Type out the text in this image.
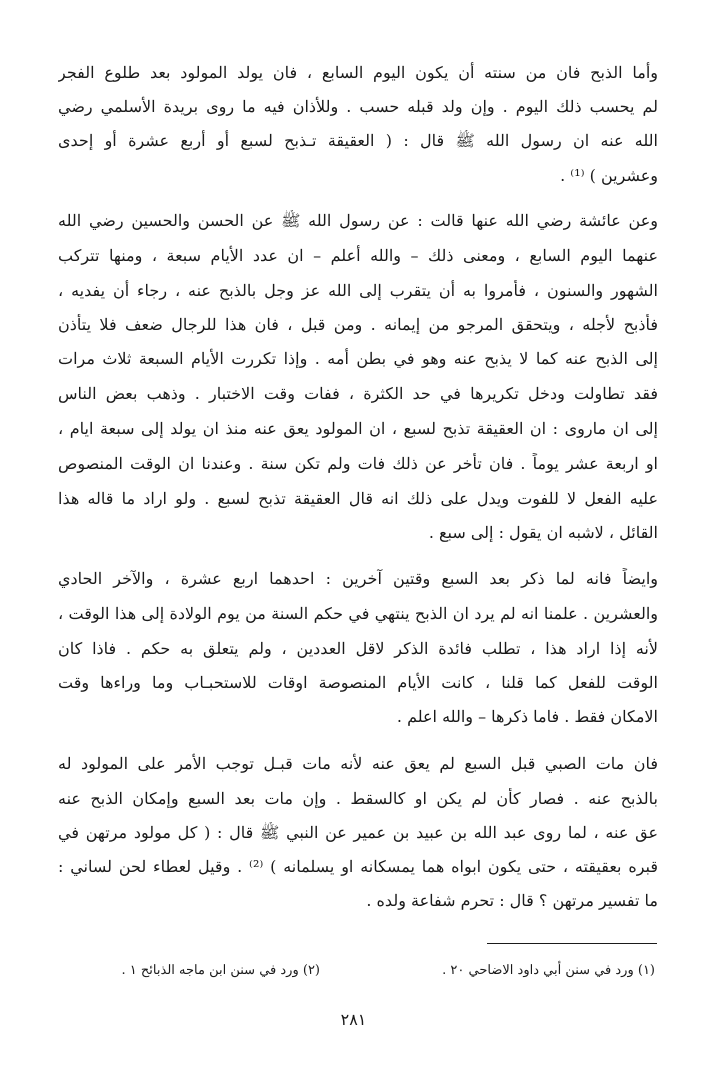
وأما الذبح فان من سنته أن يكون اليوم السابع ، فان يولد المولود بعد طلوع الفجر
لم يحسب ذلك اليوم . وإن ولد قبله حسب . وللأذان فيه ما روى بريدة الأسلمي رضي
الله عنه ان رسول الله ﷺ قال : ( العقيقة تـذبح لسبع أو أربع عشرة أو إحدى
وعشرين ) ⁽¹⁾ .
وعن عائشة رضي الله عنها قالت : عن رسول الله ﷺ عن الحسن والحسين رضي الله
عنهما اليوم السابع ، ومعنى ذلك – والله أعلم – ان عدد الأيام سبعة ، ومنها تتركب
الشهور والسنون ، فأمروا به أن يتقرب إلى الله عز وجل بالذبح عنه ، رجاء أن يفديه ،
فأذبح لأجله ، ويتحقق المرجو من إيمانه . ومن قبل ، فان هذا للرجال ضعف فلا يتأذن
إلى الذبح عنه كما لا يذبح عنه وهو في بطن أمه . وإذا تكررت الأيام السبعة ثلاث مرات
فقد تطاولت ودخل تكريرها في حد الكثرة ، ففات وقت الاختبار . وذهب بعض الناس
إلى ان ماروى : ان العقيقة تذبح لسبع ، ان المولود يعق عنه منذ ان يولد إلى سبعة ايام ،
او اربعة عشر يوماً . فان تأخر عن ذلك فات ولم تكن سنة . وعندنا ان الوقت المنصوص
عليه الفعل لا للفوت ويدل على ذلك انه قال العقيقة تذبح لسبع . ولو اراد ما قاله هذا
القائل ، لاشبه ان يقول : إلى سبع .
وايضاً فانه لما ذكر بعد السبع وقتين آخرين : احدهما اربع عشرة ، والآخر الحادي
والعشرين . علمنا انه لم يرد ان الذبح ينتهي في حكم السنة من يوم الولادة إلى هذا الوقت ،
لأنه إذا اراد هذا ، تطلب فائدة الذكر لاقل العددين ، ولم يتعلق به حكم . فاذا كان
الوقت للفعل كما قلنا ، كانت الأيام المنصوصة اوقات للاستحبـاب وما وراءها وقت
الامكان فقط . فاما ذكرها – والله اعلم .
فان مات الصبي قبل السبع لم يعق عنه لأنه مات قبـل توجب الأمر على المولود له
بالذبح عنه . فصار كأن لم يكن او كالسقط . وإن مات بعد السبع وإمكان الذبح عنه
عق عنه ، لما روى عبد الله بن عبيد بن عمير عن النبي ﷺ قال : ( كل مولود مرتهن في
قبره بعقيقته ، حتى يكون ابواه هما يمسكانه او يسلمانه ) ⁽²⁾ . وقيل لعطاء لحن لساني :
ما تفسير مرتهن ؟ قال : تحرم شفاعة ولده .
(١) ورد في سنن أبي داود الاضاحي ٢٠ .
(٢) ورد في سنن ابن ماجه الذبائح ١ .
٢٨١
